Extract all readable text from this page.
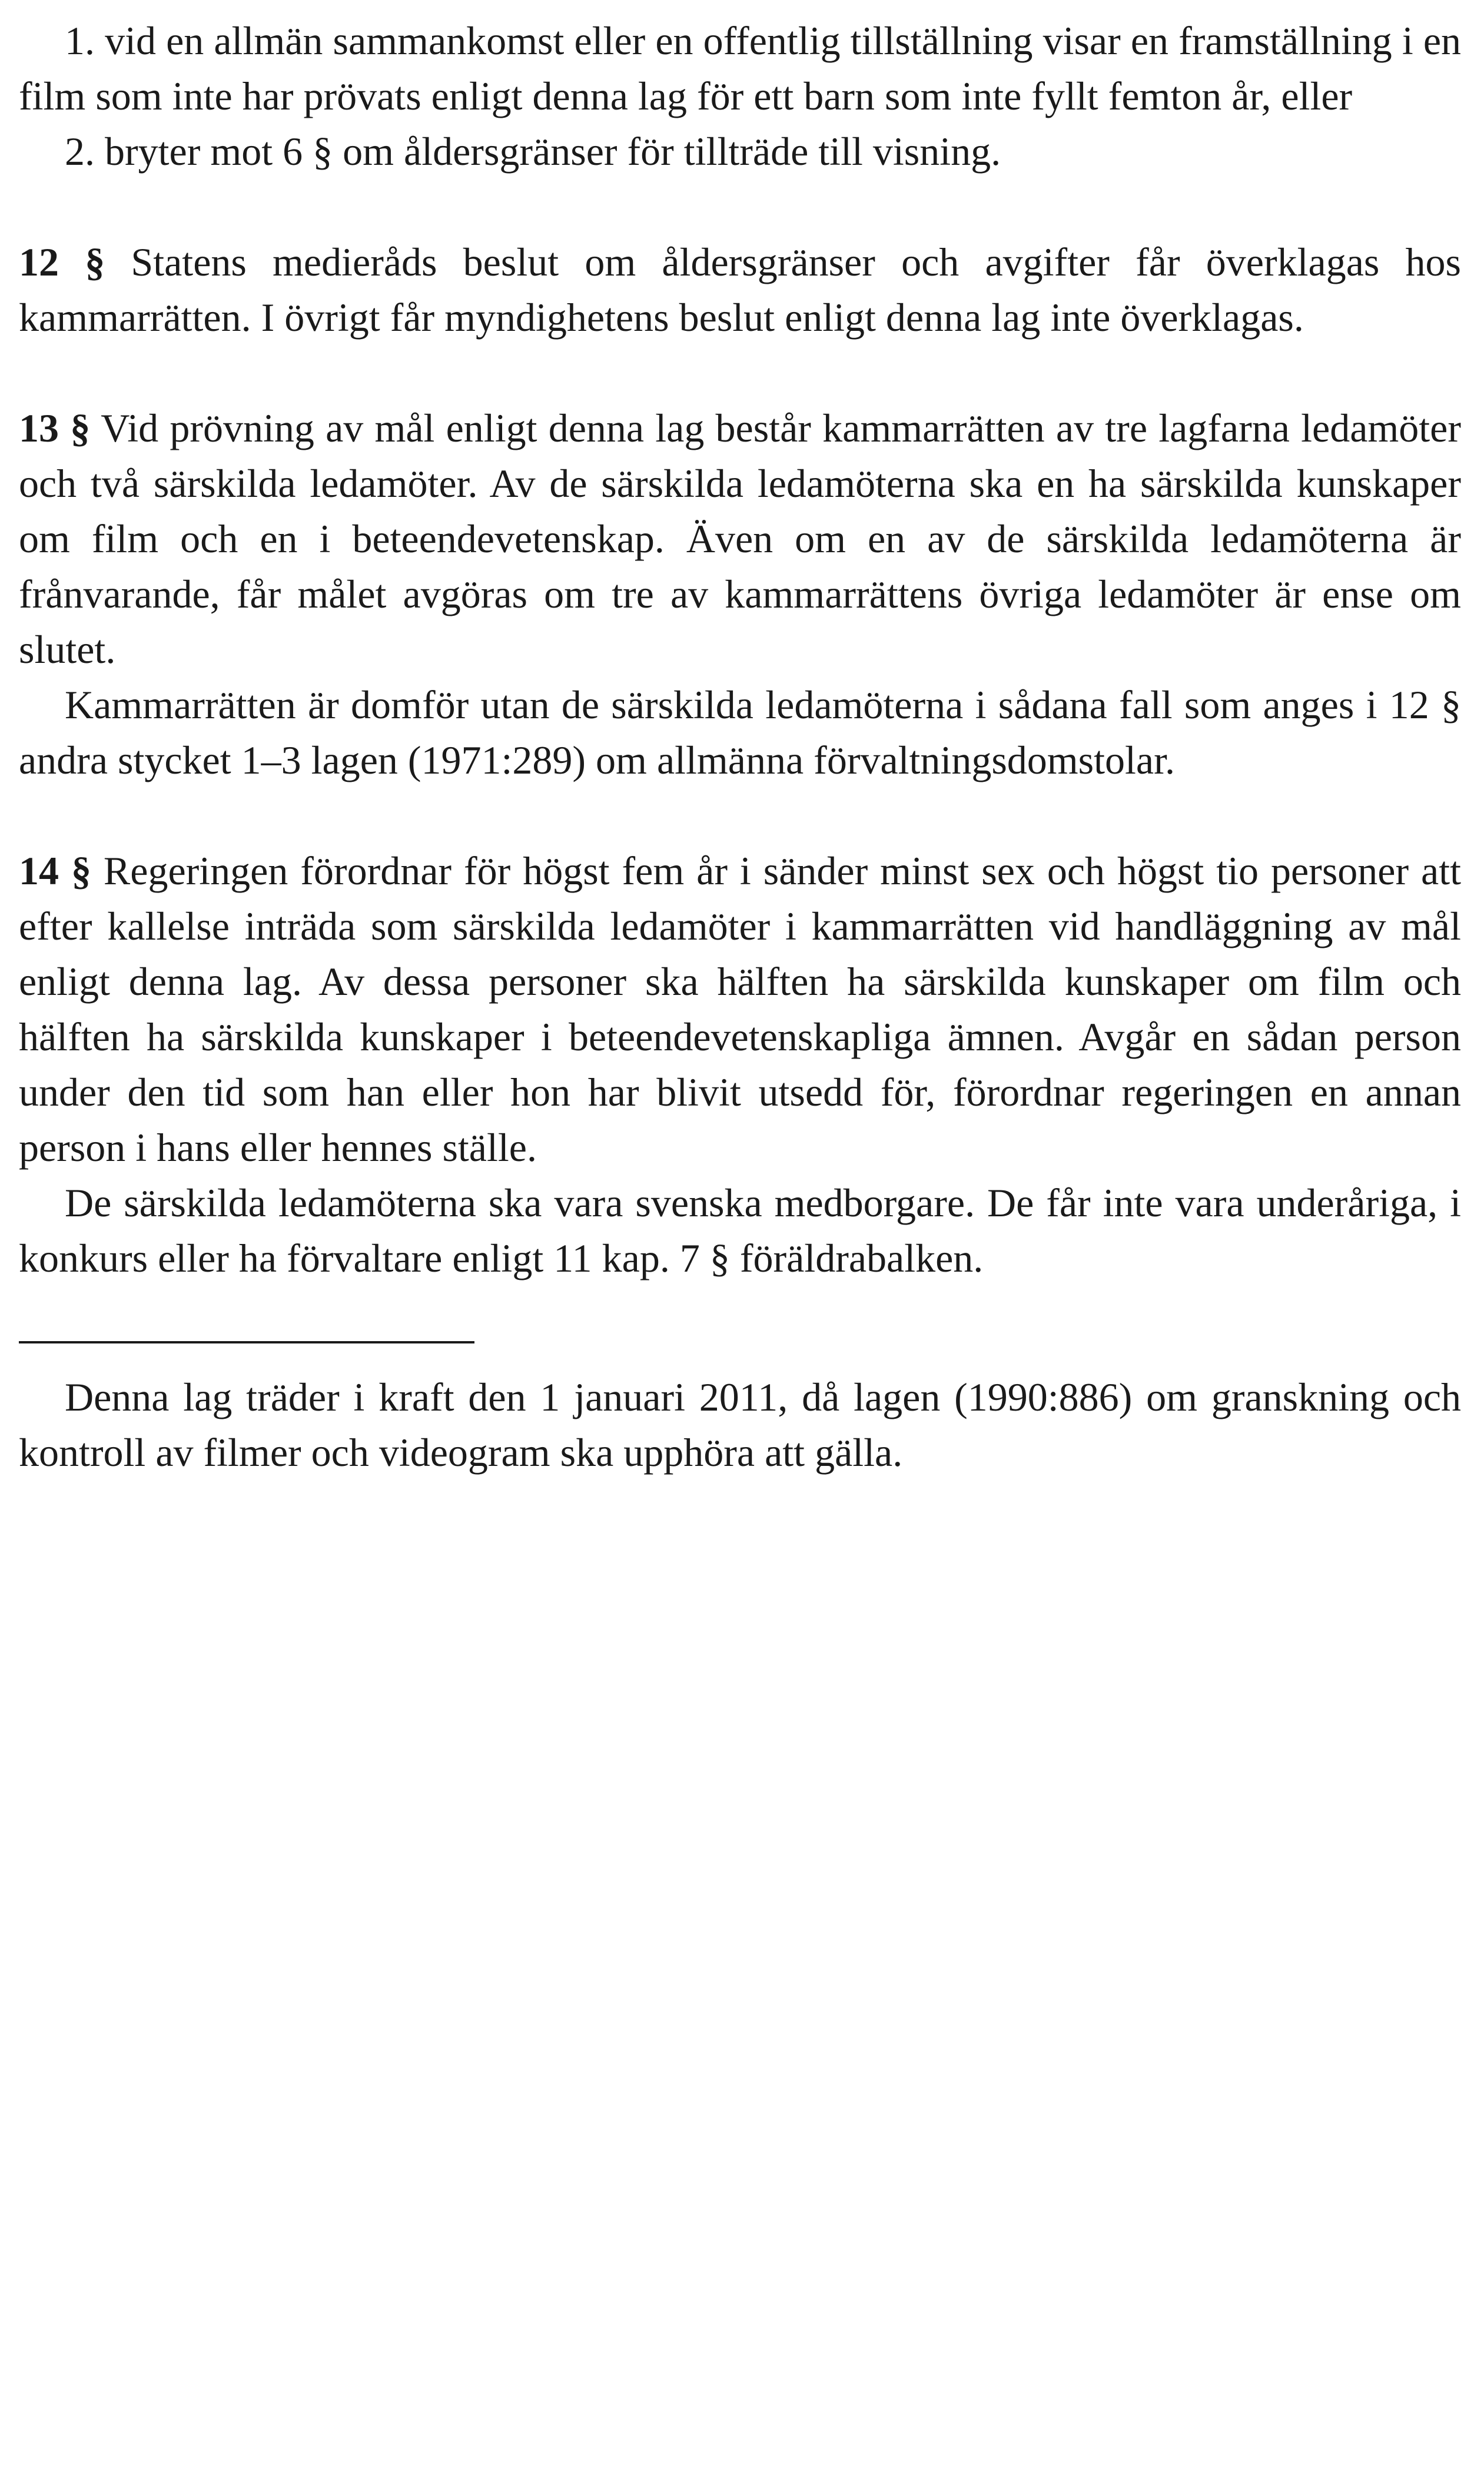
1. vid en allmän sammankomst eller en offentlig tillställning visar en framställning i en film som inte har prövats enligt denna lag för ett barn som inte fyllt femton år, eller

2. bryter mot 6 § om åldersgränser för tillträde till visning.

12 § Statens medieråds beslut om åldersgränser och avgifter får överklagas hos kammarrätten. I övrigt får myndighetens beslut enligt denna lag inte överklagas.

13 § Vid prövning av mål enligt denna lag består kammarrätten av tre lagfarna ledamöter och två särskilda ledamöter. Av de särskilda ledamöterna ska en ha särskilda kunskaper om film och en i beteendevetenskap. Även om en av de särskilda ledamöterna är frånvarande, får målet avgöras om tre av kammarrättens övriga ledamöter är ense om slutet.

Kammarrätten är domför utan de särskilda ledamöterna i sådana fall som anges i 12 § andra stycket 1–3 lagen (1971:289) om allmänna förvaltningsdomstolar.

14 § Regeringen förordnar för högst fem år i sänder minst sex och högst tio personer att efter kallelse inträda som särskilda ledamöter i kammarrätten vid handläggning av mål enligt denna lag. Av dessa personer ska hälften ha särskilda kunskaper om film och hälften ha särskilda kunskaper i beteendevetenskapliga ämnen. Avgår en sådan person under den tid som han eller hon har blivit utsedd för, förordnar regeringen en annan person i hans eller hennes ställe.

De särskilda ledamöterna ska vara svenska medborgare. De får inte vara underåriga, i konkurs eller ha förvaltare enligt 11 kap. 7 § föräldrabalken.

Denna lag träder i kraft den 1 januari 2011, då lagen (1990:886) om granskning och kontroll av filmer och videogram ska upphöra att gälla.
